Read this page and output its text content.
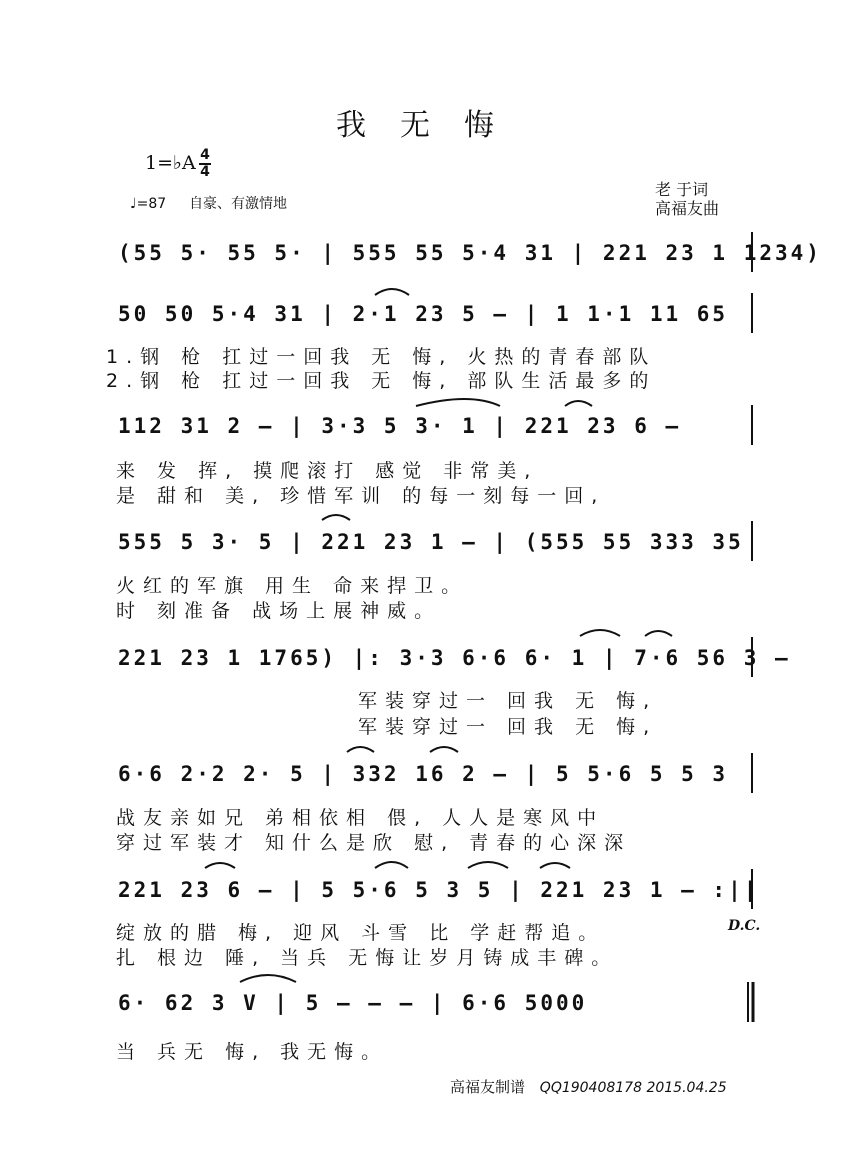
我无悔
1=♭A 4
4
♩=87 自豪、有激情地
老 于词
高福友曲
(55 5· 55 5· | 555 55 5·4 31 | 221 23 1 1234)
50 50 5·4 31 | 2·1 23 5 – | 1 1·1 11 65
1.钢 枪 扛过一回我 无 悔, 火热的青春部队
2.钢 枪 扛过一回我 无 悔, 部队生活最多的
112 31 2 – | 3·3 5 3· 1 | 221 23 6 –
来 发 挥, 摸爬滚打 感觉 非常美,
是 甜和 美, 珍惜军训 的每一刻每一回,
555 5 3· 5 | 221 23 1 – | (555 55 333 35
火红的军旗 用生 命来捍卫。
时 刻准备 战场上展神威。
221 23 1 1765) |: 3·3 6·6 6· 1 | 7·6 56 3 –
军装穿过一 回我 无 悔,
军装穿过一 回我 无 悔,
6·6 2·2 2· 5 | 332 16 2 – | 5 5·6 5 5 3
战友亲如兄 弟相依相 偎, 人人是寒风中
穿过军装才 知什么是欣 慰, 青春的心深深
221 23 6 – | 5 5·6 5 3 5 | 221 23 1 – :||
绽放的腊 梅, 迎风 斗雪 比 学赶帮追。
扎 根边 陲, 当兵 无悔让岁月铸成丰碑。
D.C.
6· 62 3 V | 5 – – – | 6·6 5000
当 兵无 悔, 我无悔。
高福友制谱 QQ190408178 2015.04.25
